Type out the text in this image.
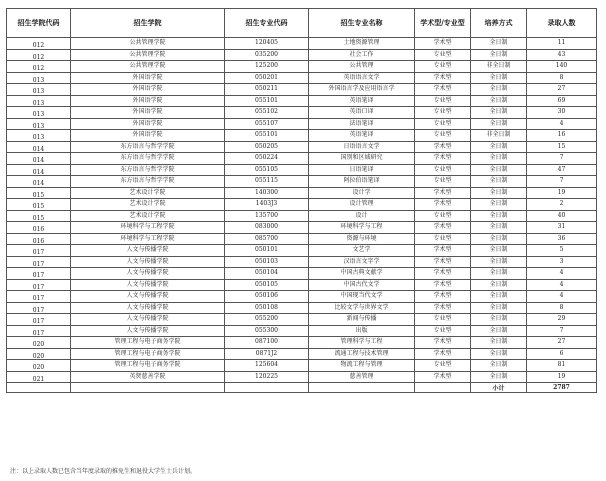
招生学院代码	招生学院	招生专业代码	招生专业名称	学术型/专业型	培养方式	录取人数
012	公共管理学院	120405	土地资源管理	学术型	全日制	11
012	公共管理学院	035200	社会工作	专业型	全日制	43
012	公共管理学院	125200	公共管理	专业型	非全日制	140
013	外国语学院	050201	英语语言文学	学术型	全日制	8
013	外国语学院	050211	外国语言学及应用语言学	学术型	全日制	27
013	外国语学院	055101	英语笔译	专业型	全日制	69
013	外国语学院	055102	英语口译	专业型	全日制	30
013	外国语学院	055107	法语笔译	专业型	全日制	4
013	外国语学院	055101	英语笔译	专业型	非全日制	16
014	东方语言与哲学学院	050205	日语语言文学	学术型	全日制	15
014	东方语言与哲学学院	050224	国别和区域研究	学术型	全日制	7
014	东方语言与哲学学院	055105	日语笔译	专业型	全日制	47
014	东方语言与哲学学院	055115	阿拉伯语笔译	专业型	全日制	7
015	艺术设计学院	140300	设计学	学术型	全日制	19
015	艺术设计学院	1403J3	设计管理	学术型	全日制	2
015	艺术设计学院	135700	设计	专业型	全日制	40
016	环境科学与工程学院	083000	环境科学与工程	学术型	全日制	31
016	环境科学与工程学院	085700	资源与环境	专业型	全日制	36
017	人文与传播学院	050101	文艺学	学术型	全日制	5
017	人文与传播学院	050103	汉语言文字学	学术型	全日制	3
017	人文与传播学院	050104	中国古典文献学	学术型	全日制	4
017	人文与传播学院	050105	中国古代文学	学术型	全日制	4
017	人文与传播学院	050106	中国现当代文学	学术型	全日制	4
017	人文与传播学院	050108	比较文学与世界文学	学术型	全日制	8
017	人文与传播学院	055200	新闻与传播	专业型	全日制	29
017	人文与传播学院	055300	出版	专业型	全日制	7
020	管理工程与电子商务学院	087100	管理科学与工程	学术型	全日制	27
020	管理工程与电子商务学院	0871J2	流通工程与技术管理	学术型	全日制	6
020	管理工程与电子商务学院	125604	物流工程与管理	专业型	全日制	81
021	英贤慈善学院	120225	慈善管理	学术型	全日制	19
					小计	2787
注：以上录取人数已包含当年度录取的推免生和退役大学生士兵计划。
